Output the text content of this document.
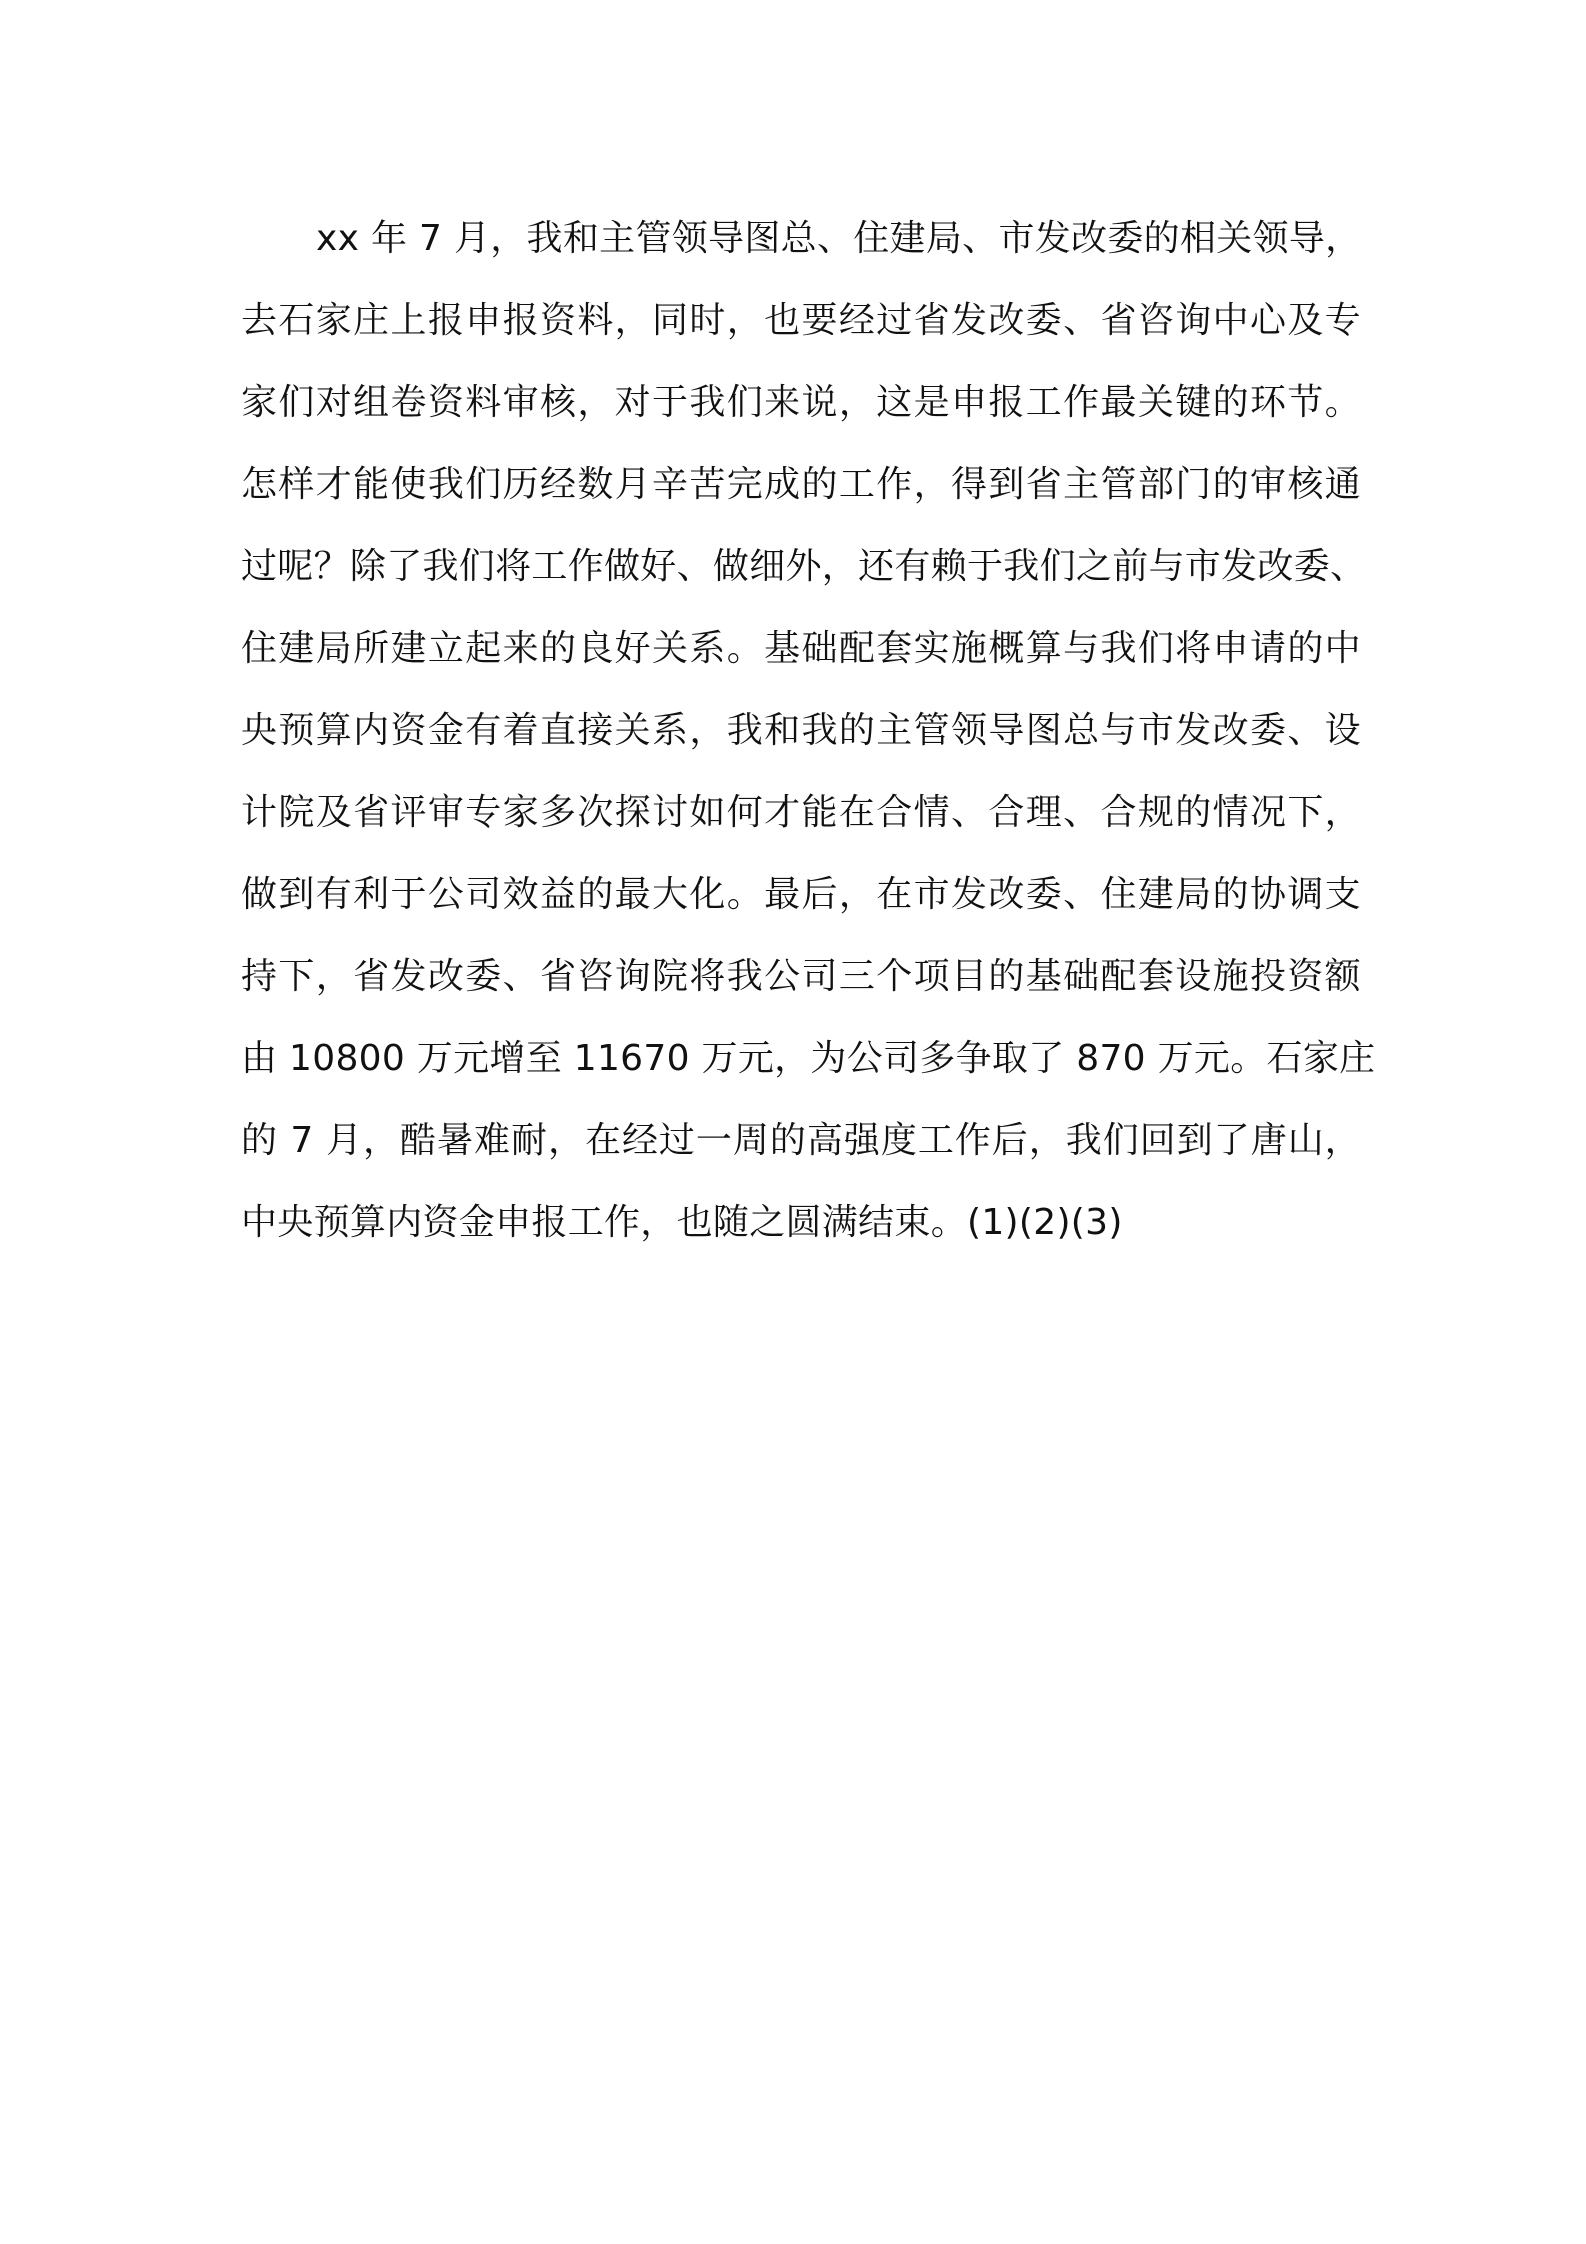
xx 年 7 月，我和主管领导图总、住建局、市发改委的相关领导，
去石家庄上报申报资料，同时，也要经过省发改委、省咨询中心及专
家们对组卷资料审核，对于我们来说，这是申报工作最关键的环节。
怎样才能使我们历经数月辛苦完成的工作，得到省主管部门的审核通
过呢？除了我们将工作做好、做细外，还有赖于我们之前与市发改委、
住建局所建立起来的良好关系。基础配套实施概算与我们将申请的中
央预算内资金有着直接关系，我和我的主管领导图总与市发改委、设
计院及省评审专家多次探讨如何才能在合情、合理、合规的情况下，
做到有利于公司效益的最大化。最后，在市发改委、住建局的协调支
持下，省发改委、省咨询院将我公司三个项目的基础配套设施投资额
由 10800 万元增至 11670 万元，为公司多争取了 870 万元。石家庄
的 7 月，酷暑难耐，在经过一周的高强度工作后，我们回到了唐山，
中央预算内资金申报工作，也随之圆满结束。(1)(2)(3)
